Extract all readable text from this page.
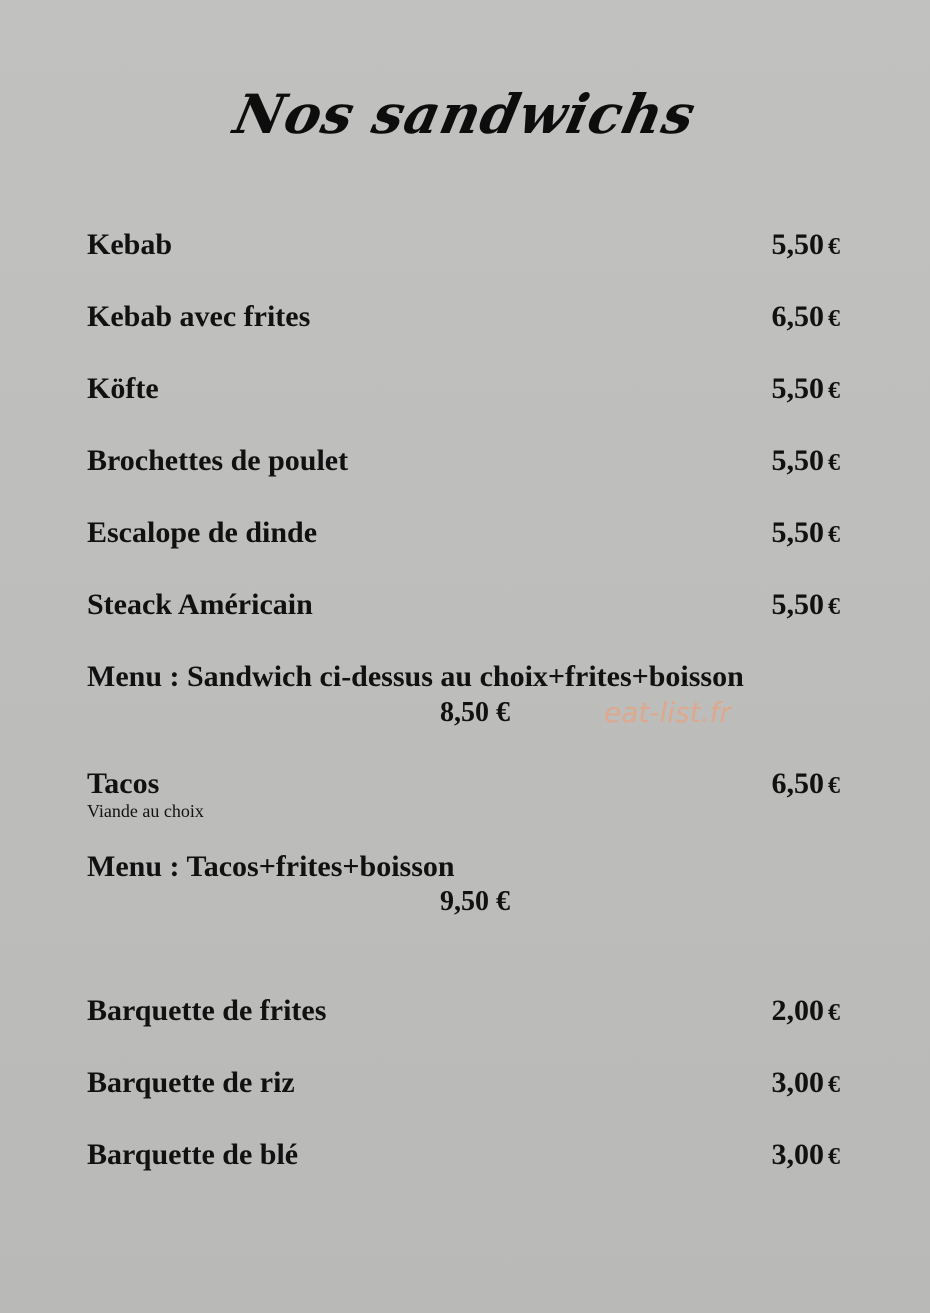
Nos sandwichs
Kebab	5,50 €
Kebab avec frites	6,50 €
Köfte	5,50 €
Brochettes de poulet	5,50 €
Escalope de dinde	5,50 €
Steack Américain	5,50 €
Menu : Sandwich ci-dessus au choix+frites+boisson
8,50 €	eat-list.fr
Tacos
Viande au choix
6,50 €
Menu : Tacos+frites+boisson
9,50 €
Barquette de frites	2,00 €
Barquette de riz	3,00 €
Barquette de blé	3,00 €
